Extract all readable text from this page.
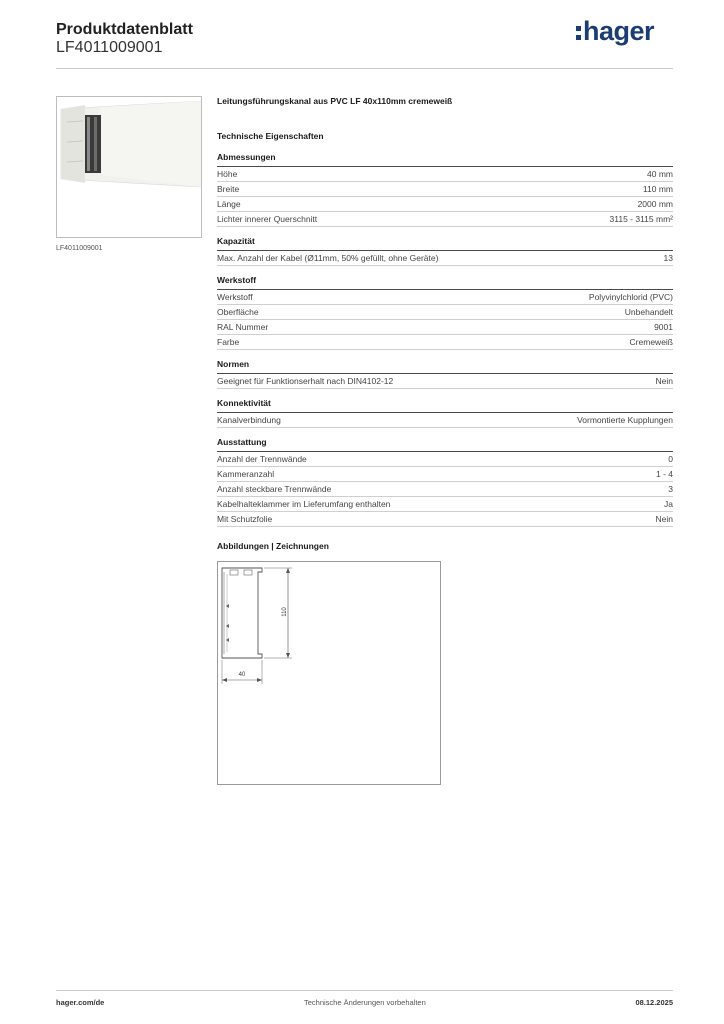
Produktdatenblatt
LF4011009001
hager
LF4011009001
Leitungsführungskanal aus PVC LF 40x110mm cremeweiß
Technische Eigenschaften
Abmessungen
Höhe	40 mm
Breite	110 mm
Länge	2000 mm
Lichter innerer Querschnitt	3115 - 3115 mm²
Kapazität
Max. Anzahl der Kabel (Ø11mm, 50% gefüllt, ohne Geräte)	13
Werkstoff
Werkstoff	Polyvinylchlorid (PVC)
Oberfläche	Unbehandelt
RAL Nummer	9001
Farbe	Cremeweiß
Normen
Geeignet für Funktionserhalt nach DIN4102-12	Nein
Konnektivität
Kanalverbindung	Vormontierte Kupplungen
Ausstattung
Anzahl der Trennwände	0
Kammeranzahl	1 - 4
Anzahl steckbare Trennwände	3
Kabelhalteklammer im Lieferumfang enthalten	Ja
Mit Schutzfolie	Nein
Abbildungen | Zeichnungen
110
40
hager.com/de	Technische Änderungen vorbehalten	08.12.2025
